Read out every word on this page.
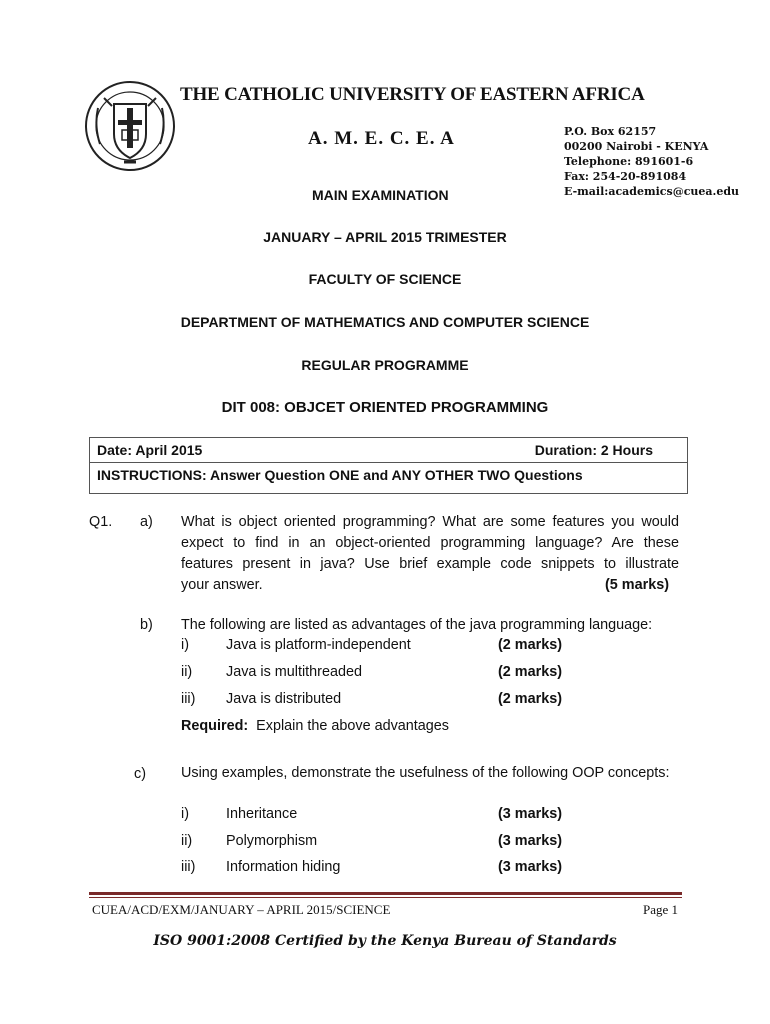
THE CATHOLIC UNIVERSITY OF EASTERN AFRICA
A. M. E. C. E. A	P.O. Box 62157
00200 Nairobi - KENYA
Telephone: 891601-6
Fax: 254-20-891084
E-mail:academics@cuea.edu
MAIN EXAMINATION
JANUARY – APRIL 2015 TRIMESTER
FACULTY OF SCIENCE
DEPARTMENT OF MATHEMATICS AND COMPUTER SCIENCE
REGULAR PROGRAMME
DIT 008: OBJCET ORIENTED PROGRAMMING
Date: April 2015	Duration: 2 Hours
INSTRUCTIONS: Answer Question ONE and ANY OTHER TWO Questions
Q1. a) What is object oriented programming? What are some features you would expect to find in an object-oriented programming language? Are these features present in java? Use brief example code snippets to illustrate
your answer.	(5 marks)
b) The following are listed as advantages of the java programming language:
i)	Java is platform-independent	(2 marks)
ii) Java is multithreaded	(2 marks)
iii) Java is distributed	(2 marks)
Required: Explain the above advantages
c) Using examples, demonstrate the usefulness of the following OOP concepts:
i)	Inheritance	(3 marks)
ii) Polymorphism	(3 marks)
iii) Information hiding	(3 marks)
CUEA/ACD/EXM/JANUARY – APRIL 2015/SCIENCE	Page 1
ISO 9001:2008 Certified by the Kenya Bureau of Standards
